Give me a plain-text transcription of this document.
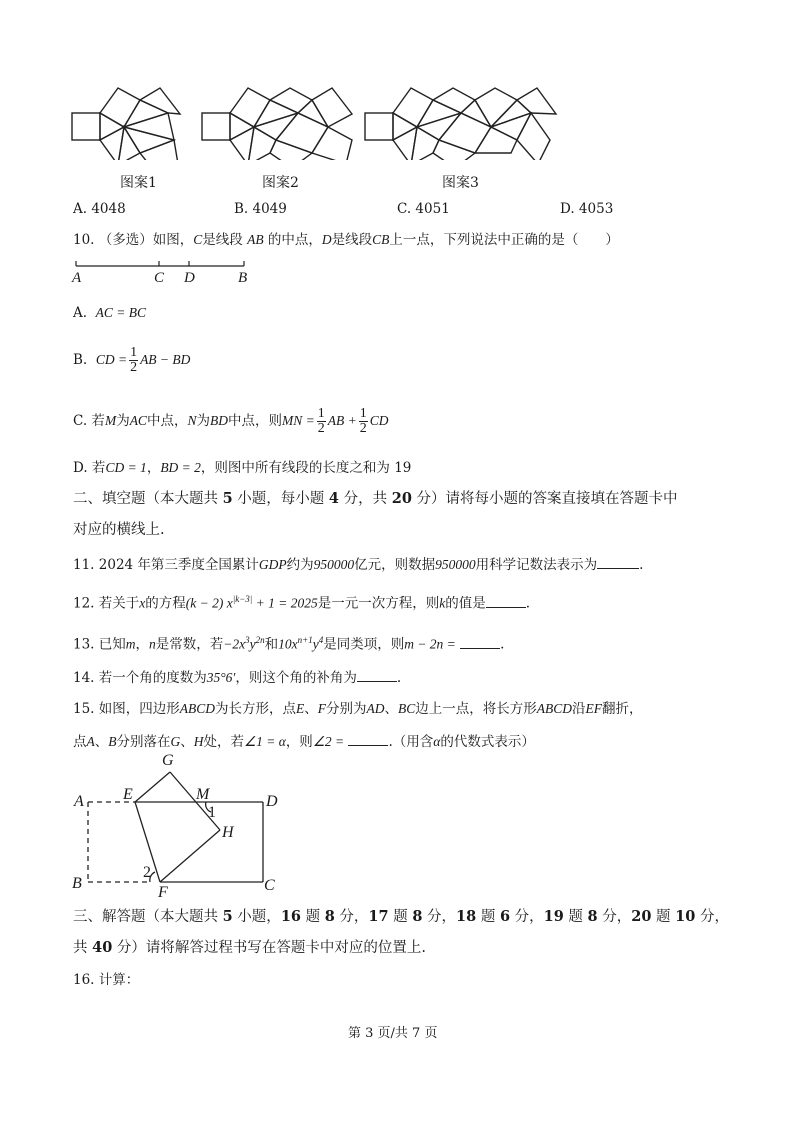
图案1	图案2	图案3
A. 4048	B. 4049	C. 4051	D. 4053
10. （多选）如图，C是线段 AB 的中点，D是线段CB上一点，下列说法中正确的是（　　）
A	C D	B
A. AC = BC
B. CD = $\frac{1}{2}$ AB − BD
C. 若M为AC中点，N为BD中点，则MN = $\frac{1}{2}$ AB + $\frac{1}{2}$ CD
D. 若CD = 1，BD = 2，则图中所有线段的长度之和为 19
二、填空题（本大题共 5 小题，每小题 4 分，共 20 分）请将每小题的答案直接填在答题卡中
对应的横线上.
11. 2024 年第三季度全国累计GDP约为950000亿元，则数据950000用科学记数法表示为	.
12. 若关于x的方程(k − 2) $x^{|k-3|} + 1 = 2025$是一元一次方程，则k的值是	.
13. 已知m，n是常数，若$-2x^3y^{2n}$和$10x^{n+1}y^4$是同类项，则m − 2n =	.
14. 若一个角的度数为35°6′，则这个角的补角为	.
15. 如图，四边形ABCD为长方形，点E、F分别为AD、BC边上一点，将长方形ABCD沿EF翻折，
点A、B分别落在G、H处，若∠1 = α，则∠2 =	.（用含α的代数式表示）
G
A E	M	D
1
H
B
2
F	C
三、解答题（本大题共 5 小题，16 题 8 分，17 题 8 分，18 题 6 分，19 题 8 分，20 题 10 分，
共 40 分）请将解答过程书写在答题卡中对应的位置上.
16. 计算：
第 3 页/共 7 页
